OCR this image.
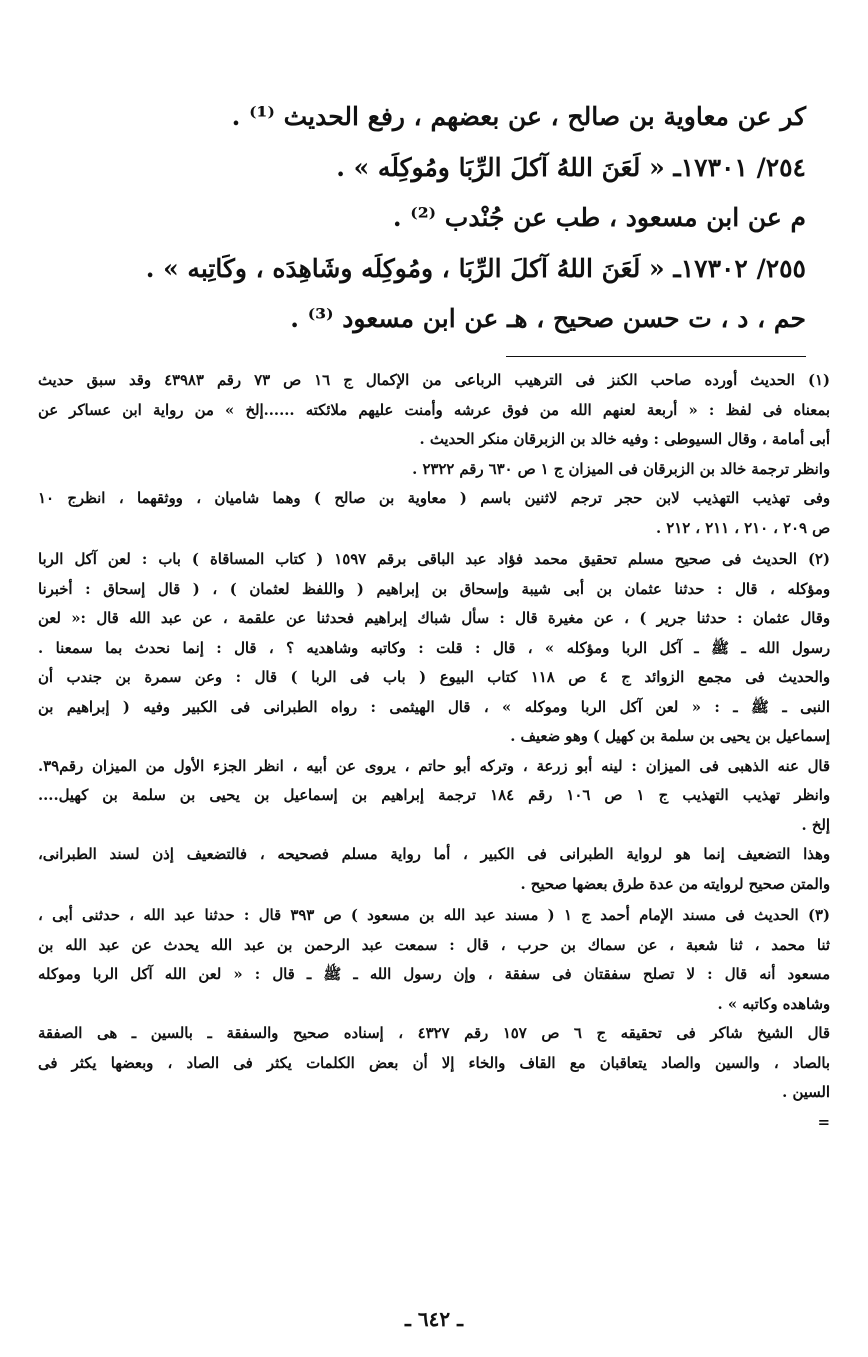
كر عن معاوية بن صالح ، عن بعضهم ، رفع الحديث ⁽¹⁾ .
٢٥٤/ ١٧٣٠١ـ « لَعَنَ اللهُ آكلَ الرِّبَا ومُوكِلَه » .
م عن ابن مسعود ، طب عن جُنْدب ⁽²⁾ .
٢٥٥/ ١٧٣٠٢ـ « لَعَنَ اللهُ آكلَ الرِّبَا ، ومُوكِلَه وشَاهِدَه ، وكَاتِبه » .
حم ، د ، ت حسن صحيح ، هـ عن ابن مسعود ⁽³⁾ .
(١) الحديث أورده صاحب الكنز فى الترهيب الرباعى من الإكمال ج ١٦ ص ٧٣ رقم ٤٣٩٨٣ وقد سبق حديث
بمعناه فى لفظ : « أربعة لعنهم الله من فوق عرشه وأمنت عليهم ملائكته ......إلخ » من رواية ابن عساكر عن
أبى أمامة ، وقال السيوطى : وفيه خالد بن الزبرقان منكر الحديث .
وانظر ترجمة خالد بن الزبرقان فى الميزان ج ١ ص ٦٣٠ رقم ٢٣٢٢ .
وفى تهذيب التهذيب لابن حجر ترجم لاثنين باسم ( معاوية بن صالح ) وهما شاميان ، ووثقهما ، انظرج ١٠
ص ٢٠٩ ، ٢١٠ ، ٢١١ ، ٢١٢ .
(٢) الحديث فى صحيح مسلم تحقيق محمد فؤاد عبد الباقى برقم ١٥٩٧ ( كتاب المساقاة ) باب : لعن آكل الربا
ومؤكله ، قال : حدثنا عثمان بن أبى شيبة وإسحاق بن إبراهيم ( واللفظ لعثمان ) ، ( قال إسحاق : أخبرنا
وقال عثمان : حدثنا جرير ) ، عن مغيرة قال : سأل شباك إبراهيم فحدثنا عن علقمة ، عن عبد الله قال :« لعن
رسول الله ـ ﷺ ـ آكل الربا ومؤكله » ، قال : قلت : وكاتبه وشاهديه ؟ ، قال : إنما نحدث بما سمعنا .
والحديث فى مجمع الزوائد ج ٤ ص ١١٨ كتاب البيوع ( باب فى الربا ) قال : وعن سمرة بن جندب أن
النبى ـ ﷺ ـ : « لعن آكل الربا وموكله » ، قال الهيثمى : رواه الطبرانى فى الكبير وفيه ( إبراهيم بن
إسماعيل بن يحيى بن سلمة بن كهيل ) وهو ضعيف .
قال عنه الذهبى فى الميزان : لينه أبو زرعة ، وتركه أبو حاتم ، يروى عن أبيه ، انظر الجزء الأول من الميزان رقم٣٩.
وانظر تهذيب التهذيب ج ١ ص ١٠٦ رقم ١٨٤ ترجمة إبراهيم بن إسماعيل بن يحيى بن سلمة بن كهيل....
إلخ .
وهذا التضعيف إنما هو لرواية الطبرانى فى الكبير ، أما رواية مسلم فصحيحه ، فالتضعيف إذن لسند الطبرانى،
والمتن صحيح لروايته من عدة طرق بعضها صحيح .
(٣) الحديث فى مسند الإمام أحمد ج ١ ( مسند عبد الله بن مسعود ) ص ٣٩٣ قال : حدثنا عبد الله ، حدثنى أبى ،
ثنا محمد ، ثنا شعبة ، عن سماك بن حرب ، قال : سمعت عبد الرحمن بن عبد الله يحدث عن عبد الله بن
مسعود أنه قال : لا تصلح سفقتان فى سفقة ، وإن رسول الله ـ ﷺ ـ قال : « لعن الله آكل الربا وموكله
وشاهده وكاتبه » .
قال الشيخ شاكر فى تحقيقه ج ٦ ص ١٥٧ رقم ٤٣٢٧ ، إسناده صحيح والسفقة ـ بالسين ـ هى الصفقة
بالصاد ، والسين والصاد يتعاقبان مع القاف والخاء إلا أن بعض الكلمات يكثر فى الصاد ، وبعضها يكثر فى
السين .
=
ـ ٦٤٢ ـ
